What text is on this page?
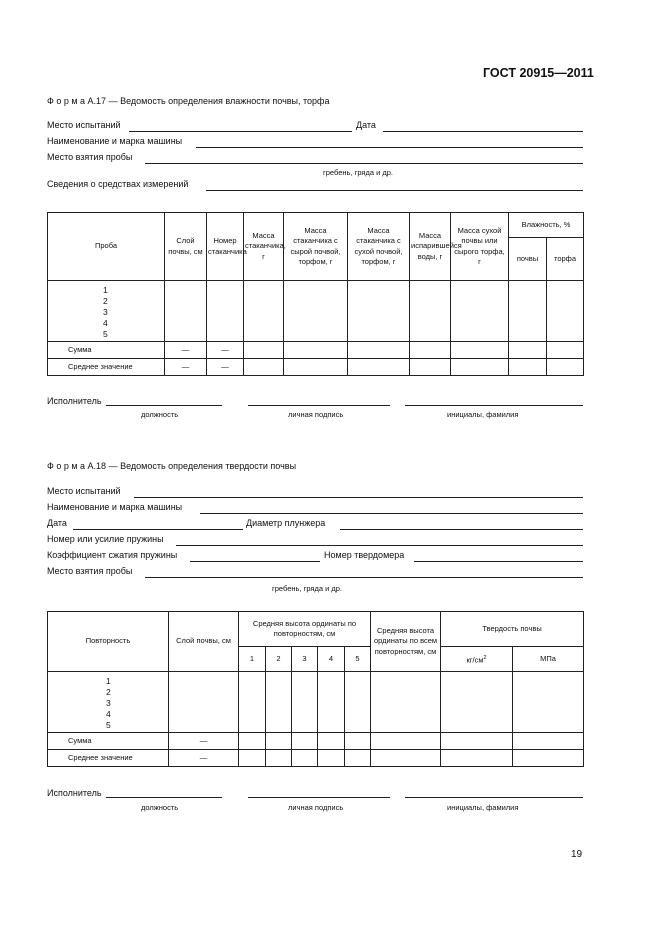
ГОСТ 20915—2011
Ф о р м а А.17 — Ведомость определения влажности почвы, торфа
Место испытаний	Дата
Наименование и марка машины
Место взятия пробы
гребень, гряда и др.
Сведения о средствах измерений
Проба	Слой почвы, см	Номер стаканчика	Масса стаканчика, г	Масса стаканчика с сырой почвой, торфом, г	Масса стаканчика с сухой почвой, торфом, г	Масса испарившейся воды, г	Масса сухой почвы или сырого торфа, г	Влажность, %	
								почвы	торфа

1
2
3
4
5									

Сумма	—	—							
Среднее значение	—	—							
Исполнитель
должность	личная подпись	инициалы, фамилия
Ф о р м а А.18 — Ведомость определения твердости почвы
Место испытаний
Наименование и марка машины
Дата	Диаметр плунжера
Номер или усилие пружины
Коэффициент сжатия пружины	Номер твердомера
Место взятия пробы
гребень, гряда и др.
Повторность	Слой почвы, см	Средняя высота ординаты по повторностям, см					Средняя высота ординаты по всем повторностям, см	Твердость почвы	
		1	2	3	4	5		$кг/см^2$	МПа

1
2
3
4
5									

Сумма	—								
Среднее значение	—								
Исполнитель
должность	личная подпись	инициалы, фамилия
19
